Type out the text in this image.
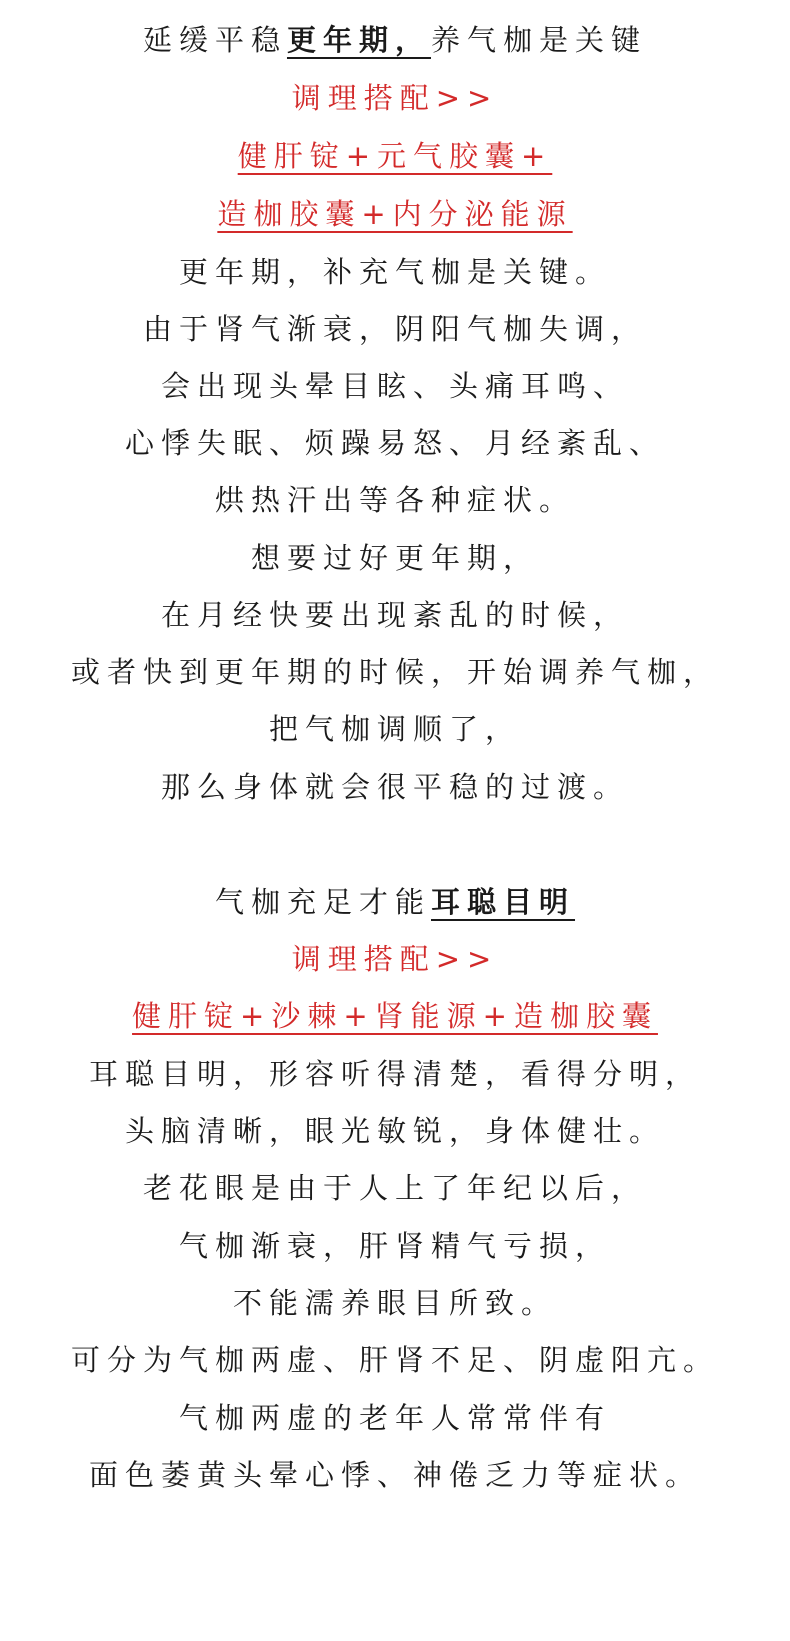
延缓平稳更年期，养气枷是关键
调理搭配>>
健肝锭+元气胶囊+
造枷胶囊+内分泌能源
更年期，补充气枷是关键。
由于肾气渐衰，阴阳气枷失调，
会出现头晕目眩、头痛耳鸣、
心悸失眠、烦躁易怒、月经紊乱、
烘热汗出等各种症状。
想要过好更年期，
在月经快要出现紊乱的时候，
或者快到更年期的时候，开始调养气枷，
把气枷调顺了，
那么身体就会很平稳的过渡。
气枷充足才能耳聪目明
调理搭配>>
健肝锭+沙棘+肾能源+造枷胶囊
耳聪目明，形容听得清楚，看得分明，
头脑清晰，眼光敏锐，身体健壮。
老花眼是由于人上了年纪以后，
气枷渐衰，肝肾精气亏损，
不能濡养眼目所致。
可分为气枷两虚、肝肾不足、阴虚阳亢。
气枷两虚的老年人常常伴有
面色萎黄头晕心悸、神倦乏力等症状。
